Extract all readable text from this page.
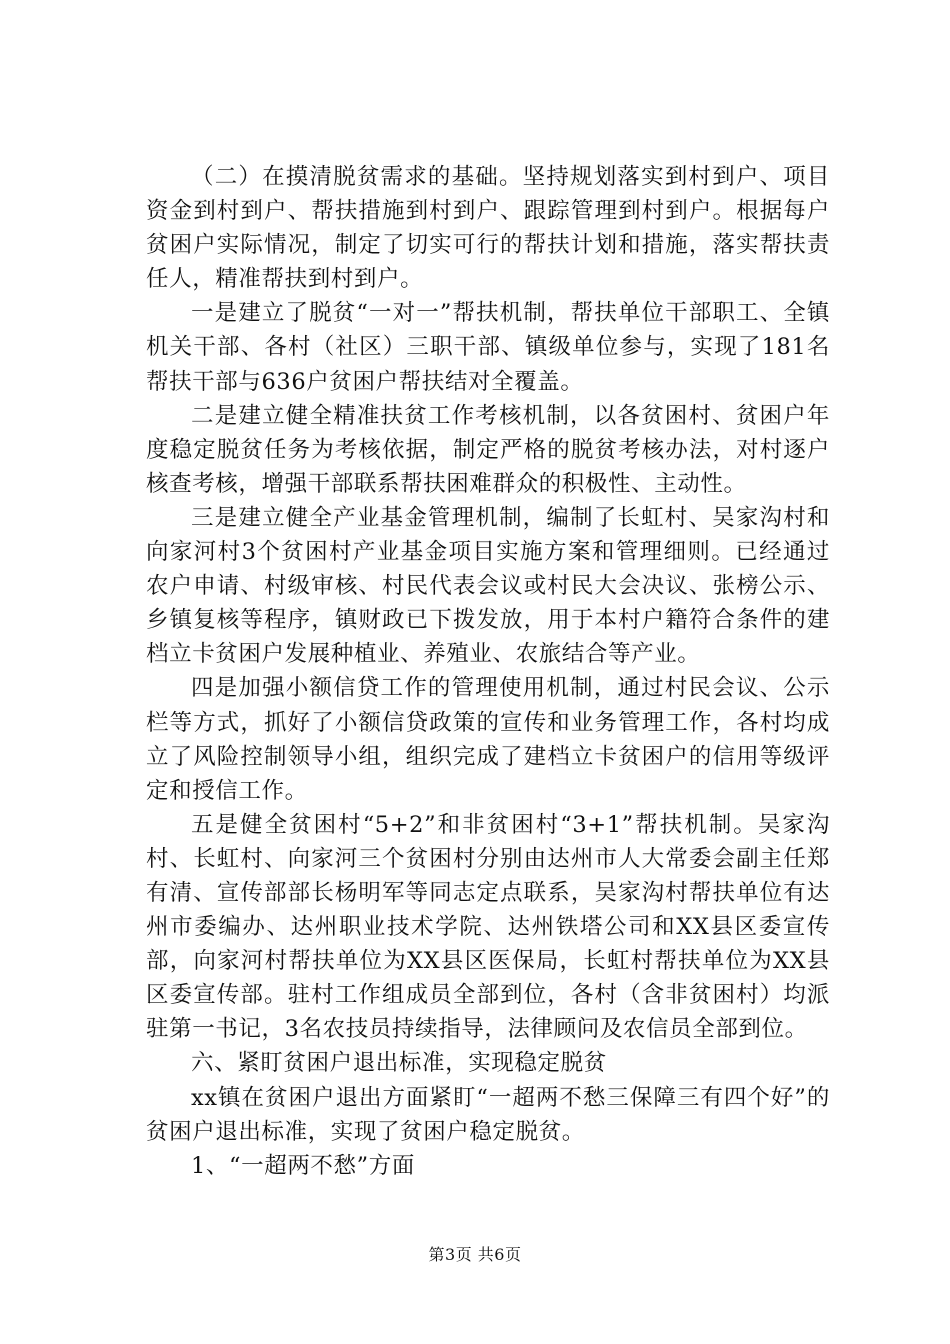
（二）在摸清脱贫需求的基础。坚持规划落实到村到户、项目资金到村到户、帮扶措施到村到户、跟踪管理到村到户。根据每户贫困户实际情况，制定了切实可行的帮扶计划和措施，落实帮扶责任人，精准帮扶到村到户。

一是建立了脱贫“一对一”帮扶机制，帮扶单位干部职工、全镇机关干部、各村（社区）三职干部、镇级单位参与，实现了181名帮扶干部与636户贫困户帮扶结对全覆盖。

二是建立健全精准扶贫工作考核机制，以各贫困村、贫困户年度稳定脱贫任务为考核依据，制定严格的脱贫考核办法，对村逐户核查考核，增强干部联系帮扶困难群众的积极性、主动性。

三是建立健全产业基金管理机制，编制了长虹村、吴家沟村和向家河村3个贫困村产业基金项目实施方案和管理细则。已经通过农户申请、村级审核、村民代表会议或村民大会决议、张榜公示、乡镇复核等程序，镇财政已下拨发放，用于本村户籍符合条件的建档立卡贫困户发展种植业、养殖业、农旅结合等产业。

四是加强小额信贷工作的管理使用机制，通过村民会议、公示栏等方式，抓好了小额信贷政策的宣传和业务管理工作，各村均成立了风险控制领导小组，组织完成了建档立卡贫困户的信用等级评定和授信工作。

五是健全贫困村“5+2”和非贫困村“3+1”帮扶机制。吴家沟村、长虹村、向家河三个贫困村分别由达州市人大常委会副主任郑有清、宣传部部长杨明军等同志定点联系，吴家沟村帮扶单位有达州市委编办、达州职业技术学院、达州铁塔公司和XX县区委宣传部，向家河村帮扶单位为XX县区医保局，长虹村帮扶单位为XX县区委宣传部。驻村工作组成员全部到位，各村（含非贫困村）均派驻第一书记，3名农技员持续指导，法律顾问及农信员全部到位。

六、紧盯贫困户退出标准，实现稳定脱贫

xx镇在贫困户退出方面紧盯“一超两不愁三保障三有四个好”的贫困户退出标准，实现了贫困户稳定脱贫。

1、“一超两不愁”方面

第3页 共6页
